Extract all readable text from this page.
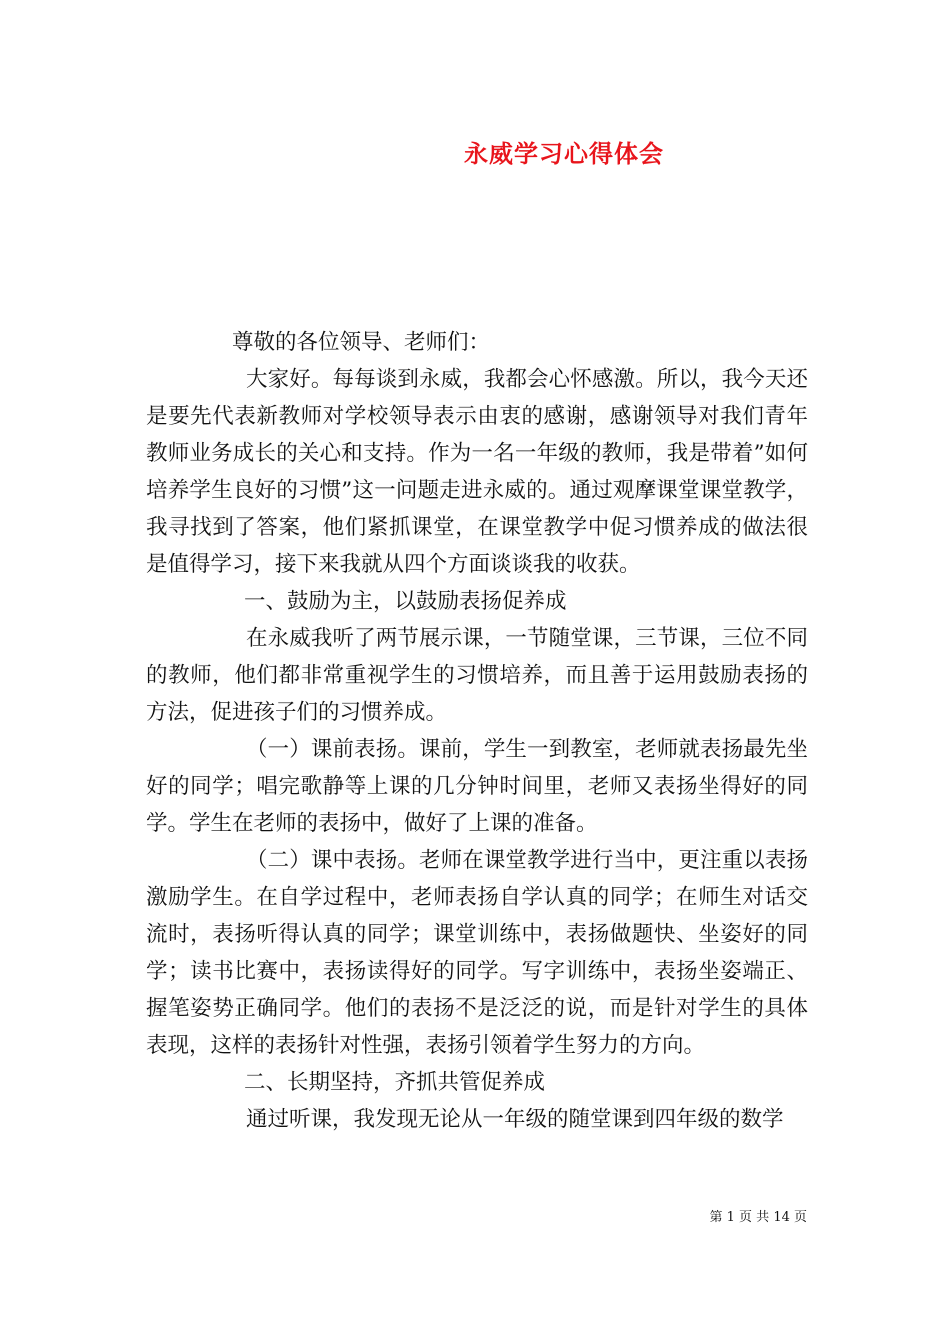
永威学习心得体会

尊敬的各位领导、老师们：

大家好。每每谈到永威，我都会心怀感激。所以，我今天还是要先代表新教师对学校领导表示由衷的感谢，感谢领导对我们青年教师业务成长的关心和支持。作为一名一年级的教师，我是带着”如何培养学生良好的习惯”这一问题走进永威的。通过观摩课堂课堂教学，我寻找到了答案，他们紧抓课堂，在课堂教学中促习惯养成的做法很是值得学习，接下来我就从四个方面谈谈我的收获。

一、鼓励为主，以鼓励表扬促养成

在永威我听了两节展示课，一节随堂课，三节课，三位不同的教师，他们都非常重视学生的习惯培养，而且善于运用鼓励表扬的方法，促进孩子们的习惯养成。

（一）课前表扬。课前，学生一到教室，老师就表扬最先坐好的同学；唱完歌静等上课的几分钟时间里，老师又表扬坐得好的同学。学生在老师的表扬中，做好了上课的准备。

（二）课中表扬。老师在课堂教学进行当中，更注重以表扬激励学生。在自学过程中，老师表扬自学认真的同学；在师生对话交流时，表扬听得认真的同学；课堂训练中，表扬做题快、坐姿好的同学；读书比赛中，表扬读得好的同学。写字训练中，表扬坐姿端正、握笔姿势正确同学。他们的表扬不是泛泛的说，而是针对学生的具体表现，这样的表扬针对性强，表扬引领着学生努力的方向。

二、长期坚持，齐抓共管促养成

通过听课，我发现无论从一年级的随堂课到四年级的数学

第 1 页 共 14 页
